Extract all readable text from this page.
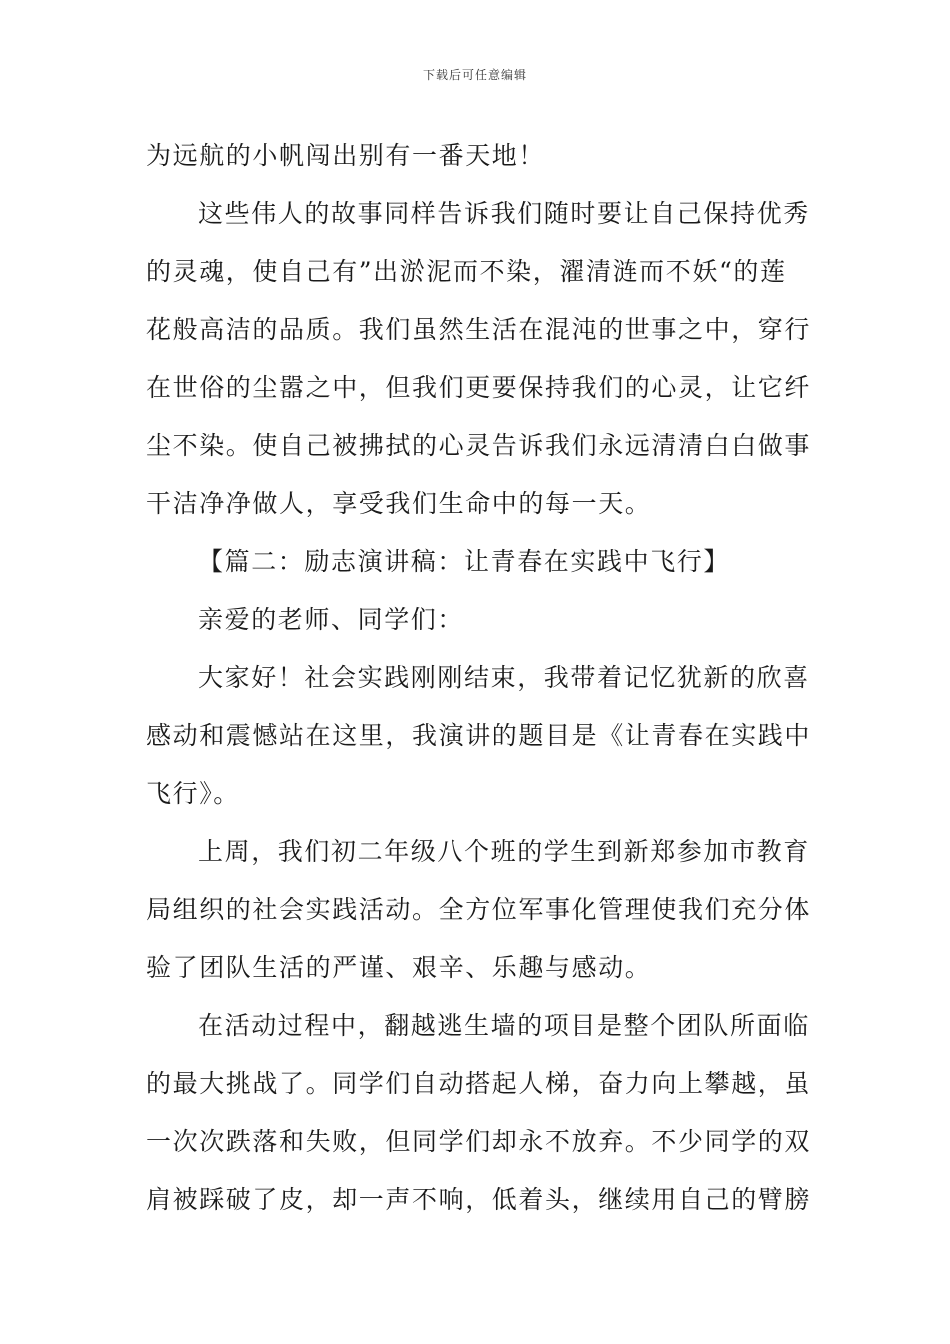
下载后可任意编辑
为远航的小帆闯出别有一番天地！
这些伟人的故事同样告诉我们随时要让自己保持优秀
的灵魂，使自己有”出淤泥而不染，濯清涟而不妖“的莲
花般高洁的品质。我们虽然生活在混沌的世事之中，穿行
在世俗的尘嚣之中，但我们更要保持我们的心灵，让它纤
尘不染。使自己被拂拭的心灵告诉我们永远清清白白做事
干洁净净做人，享受我们生命中的每一天。
【篇二：励志演讲稿：让青春在实践中飞行】
亲爱的老师、同学们：
大家好！社会实践刚刚结束，我带着记忆犹新的欣喜
感动和震憾站在这里，我演讲的题目是《让青春在实践中
飞行》。
上周，我们初二年级八个班的学生到新郑参加市教育
局组织的社会实践活动。全方位军事化管理使我们充分体
验了团队生活的严谨、艰辛、乐趣与感动。
在活动过程中，翻越逃生墙的项目是整个团队所面临
的最大挑战了。同学们自动搭起人梯，奋力向上攀越，虽
一次次跌落和失败，但同学们却永不放弃。不少同学的双
肩被踩破了皮，却一声不响，低着头，继续用自己的臂膀
